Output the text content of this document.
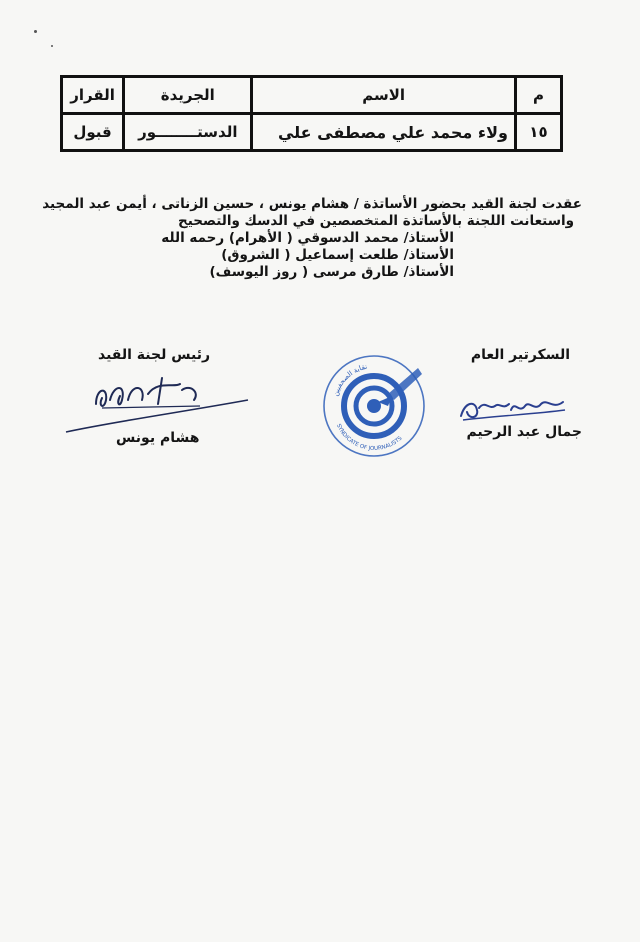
م	الاسم	الجريدة	القرار
١٥	ولاء محمد علي مصطفى علي	الدستــــــــور	قبول
عقدت لجنة القيد بحضور الأساتذة / هشام يونس ، حسين الزناتى ، أيمن عبد المجيد
واستعانت اللجنة بالأساتذة المتخصصين في الدسك والتصحيح
الأستاذ/ محمد الدسوقي ( الأهرام) رحمه الله
الأستاذ/ طلعت إسماعيل ( الشروق)
الأستاذ/ طارق مرسى ( روز اليوسف)
السكرتير العام
جمال عبد الرحيم
نقابة الصحفيين
SYNDICATE OF JOURNALISTS
رئيس لجنة القيد
هشام يونس
